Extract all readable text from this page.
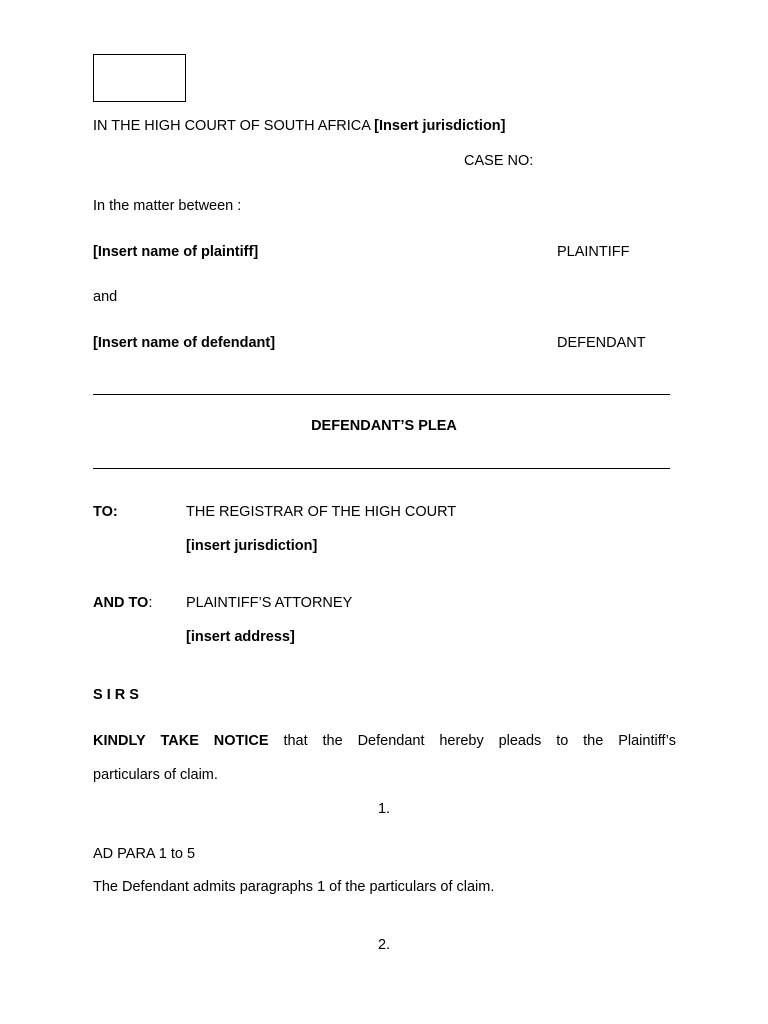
IN THE HIGH COURT OF SOUTH AFRICA [Insert jurisdiction]
CASE NO:
In the matter between :
[Insert name of plaintiff]	PLAINTIFF
and
[Insert name of defendant]	DEFENDANT
DEFENDANT’S PLEA
TO:	THE REGISTRAR OF THE HIGH COURT
[insert jurisdiction]
AND TO: PLAINTIFF’S ATTORNEY
[insert address]
S I R S
KINDLY TAKE NOTICE that the Defendant hereby pleads to the Plaintiff’s
particulars of claim.
1.
AD PARA 1 to 5
The Defendant admits paragraphs 1 of the particulars of claim.
2.
